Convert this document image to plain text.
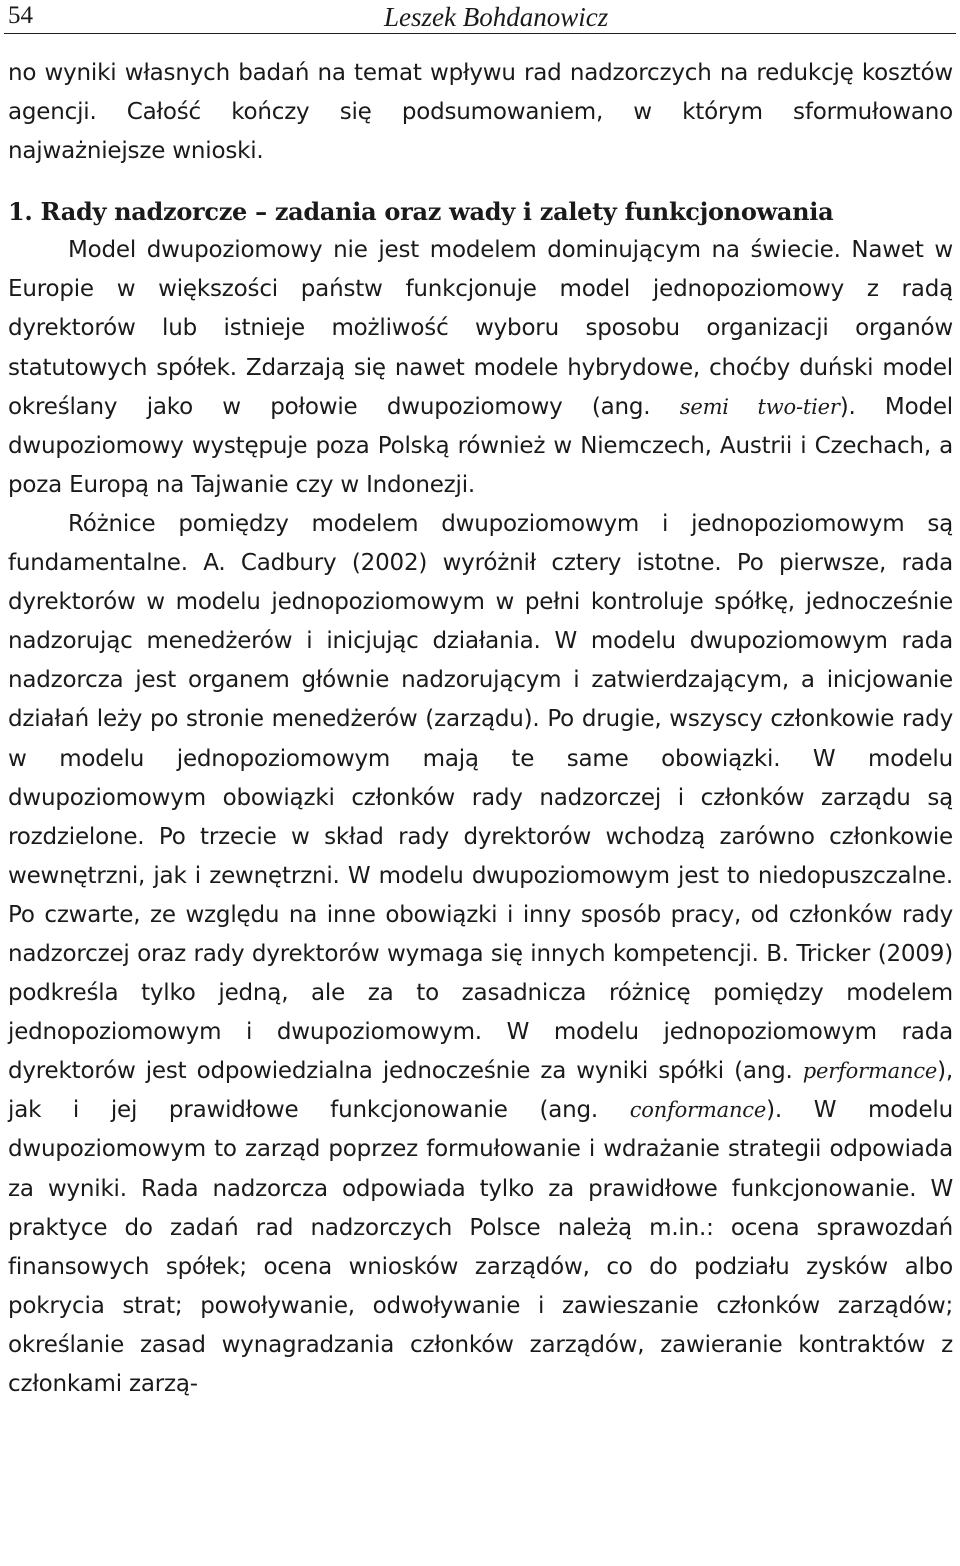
54	Leszek Bohdanowicz

no wyniki własnych badań na temat wpływu rad nadzorczych na redukcję kosztów agencji. Całość kończy się podsumowaniem, w którym sformułowano najważniejsze wnioski.

1. Rady nadzorcze – zadania oraz wady i zalety funkcjonowania

Model dwupoziomowy nie jest modelem dominującym na świecie. Nawet w Europie w większości państw funkcjonuje model jednopoziomowy z radą dyrektorów lub istnieje możliwość wyboru sposobu organizacji organów statutowych spółek. Zdarzają się nawet modele hybrydowe, choćby duński model określany jako w połowie dwupoziomowy (ang. semi two-tier). Model dwupoziomowy występuje poza Polską również w Niemczech, Austrii i Czechach, a poza Europą na Tajwanie czy w Indonezji.

Różnice pomiędzy modelem dwupoziomowym i jednopoziomowym są fundamentalne. A. Cadbury (2002) wyróżnił cztery istotne. Po pierwsze, rada dyrektorów w modelu jednopoziomowym w pełni kontroluje spółkę, jednocześnie nadzorując menedżerów i inicjując działania. W modelu dwupoziomowym rada nadzorcza jest organem głównie nadzorującym i zatwierdzającym, a inicjowanie działań leży po stronie menedżerów (zarządu). Po drugie, wszyscy członkowie rady w modelu jednopoziomowym mają te same obowiązki. W modelu dwupoziomowym obowiązki członków rady nadzorczej i członków zarządu są rozdzielone. Po trzecie w skład rady dyrektorów wchodzą zarówno członkowie wewnętrzni, jak i zewnętrzni. W modelu dwupoziomowym jest to niedopuszczalne. Po czwarte, ze względu na inne obowiązki i inny sposób pracy, od członków rady nadzorczej oraz rady dyrektorów wymaga się innych kompetencji. B. Tricker (2009) podkreśla tylko jedną, ale za to zasadnicza różnicę pomiędzy modelem jednopoziomowym i dwupoziomowym. W modelu jednopoziomowym rada dyrektorów jest odpowiedzialna jednocześnie za wyniki spółki (ang. performance), jak i jej prawidłowe funkcjonowanie (ang. conformance). W modelu dwupoziomowym to zarząd poprzez formułowanie i wdrażanie strategii odpowiada za wyniki. Rada nadzorcza odpowiada tylko za prawidłowe funkcjonowanie. W praktyce do zadań rad nadzorczych Polsce należą m.in.: ocena sprawozdań finansowych spółek; ocena wniosków zarządów, co do podziału zysków albo pokrycia strat; powoływanie, odwoływanie i zawieszanie członków zarządów; określanie zasad wynagradzania członków zarządów, zawieranie kontraktów z członkami zarzą-
